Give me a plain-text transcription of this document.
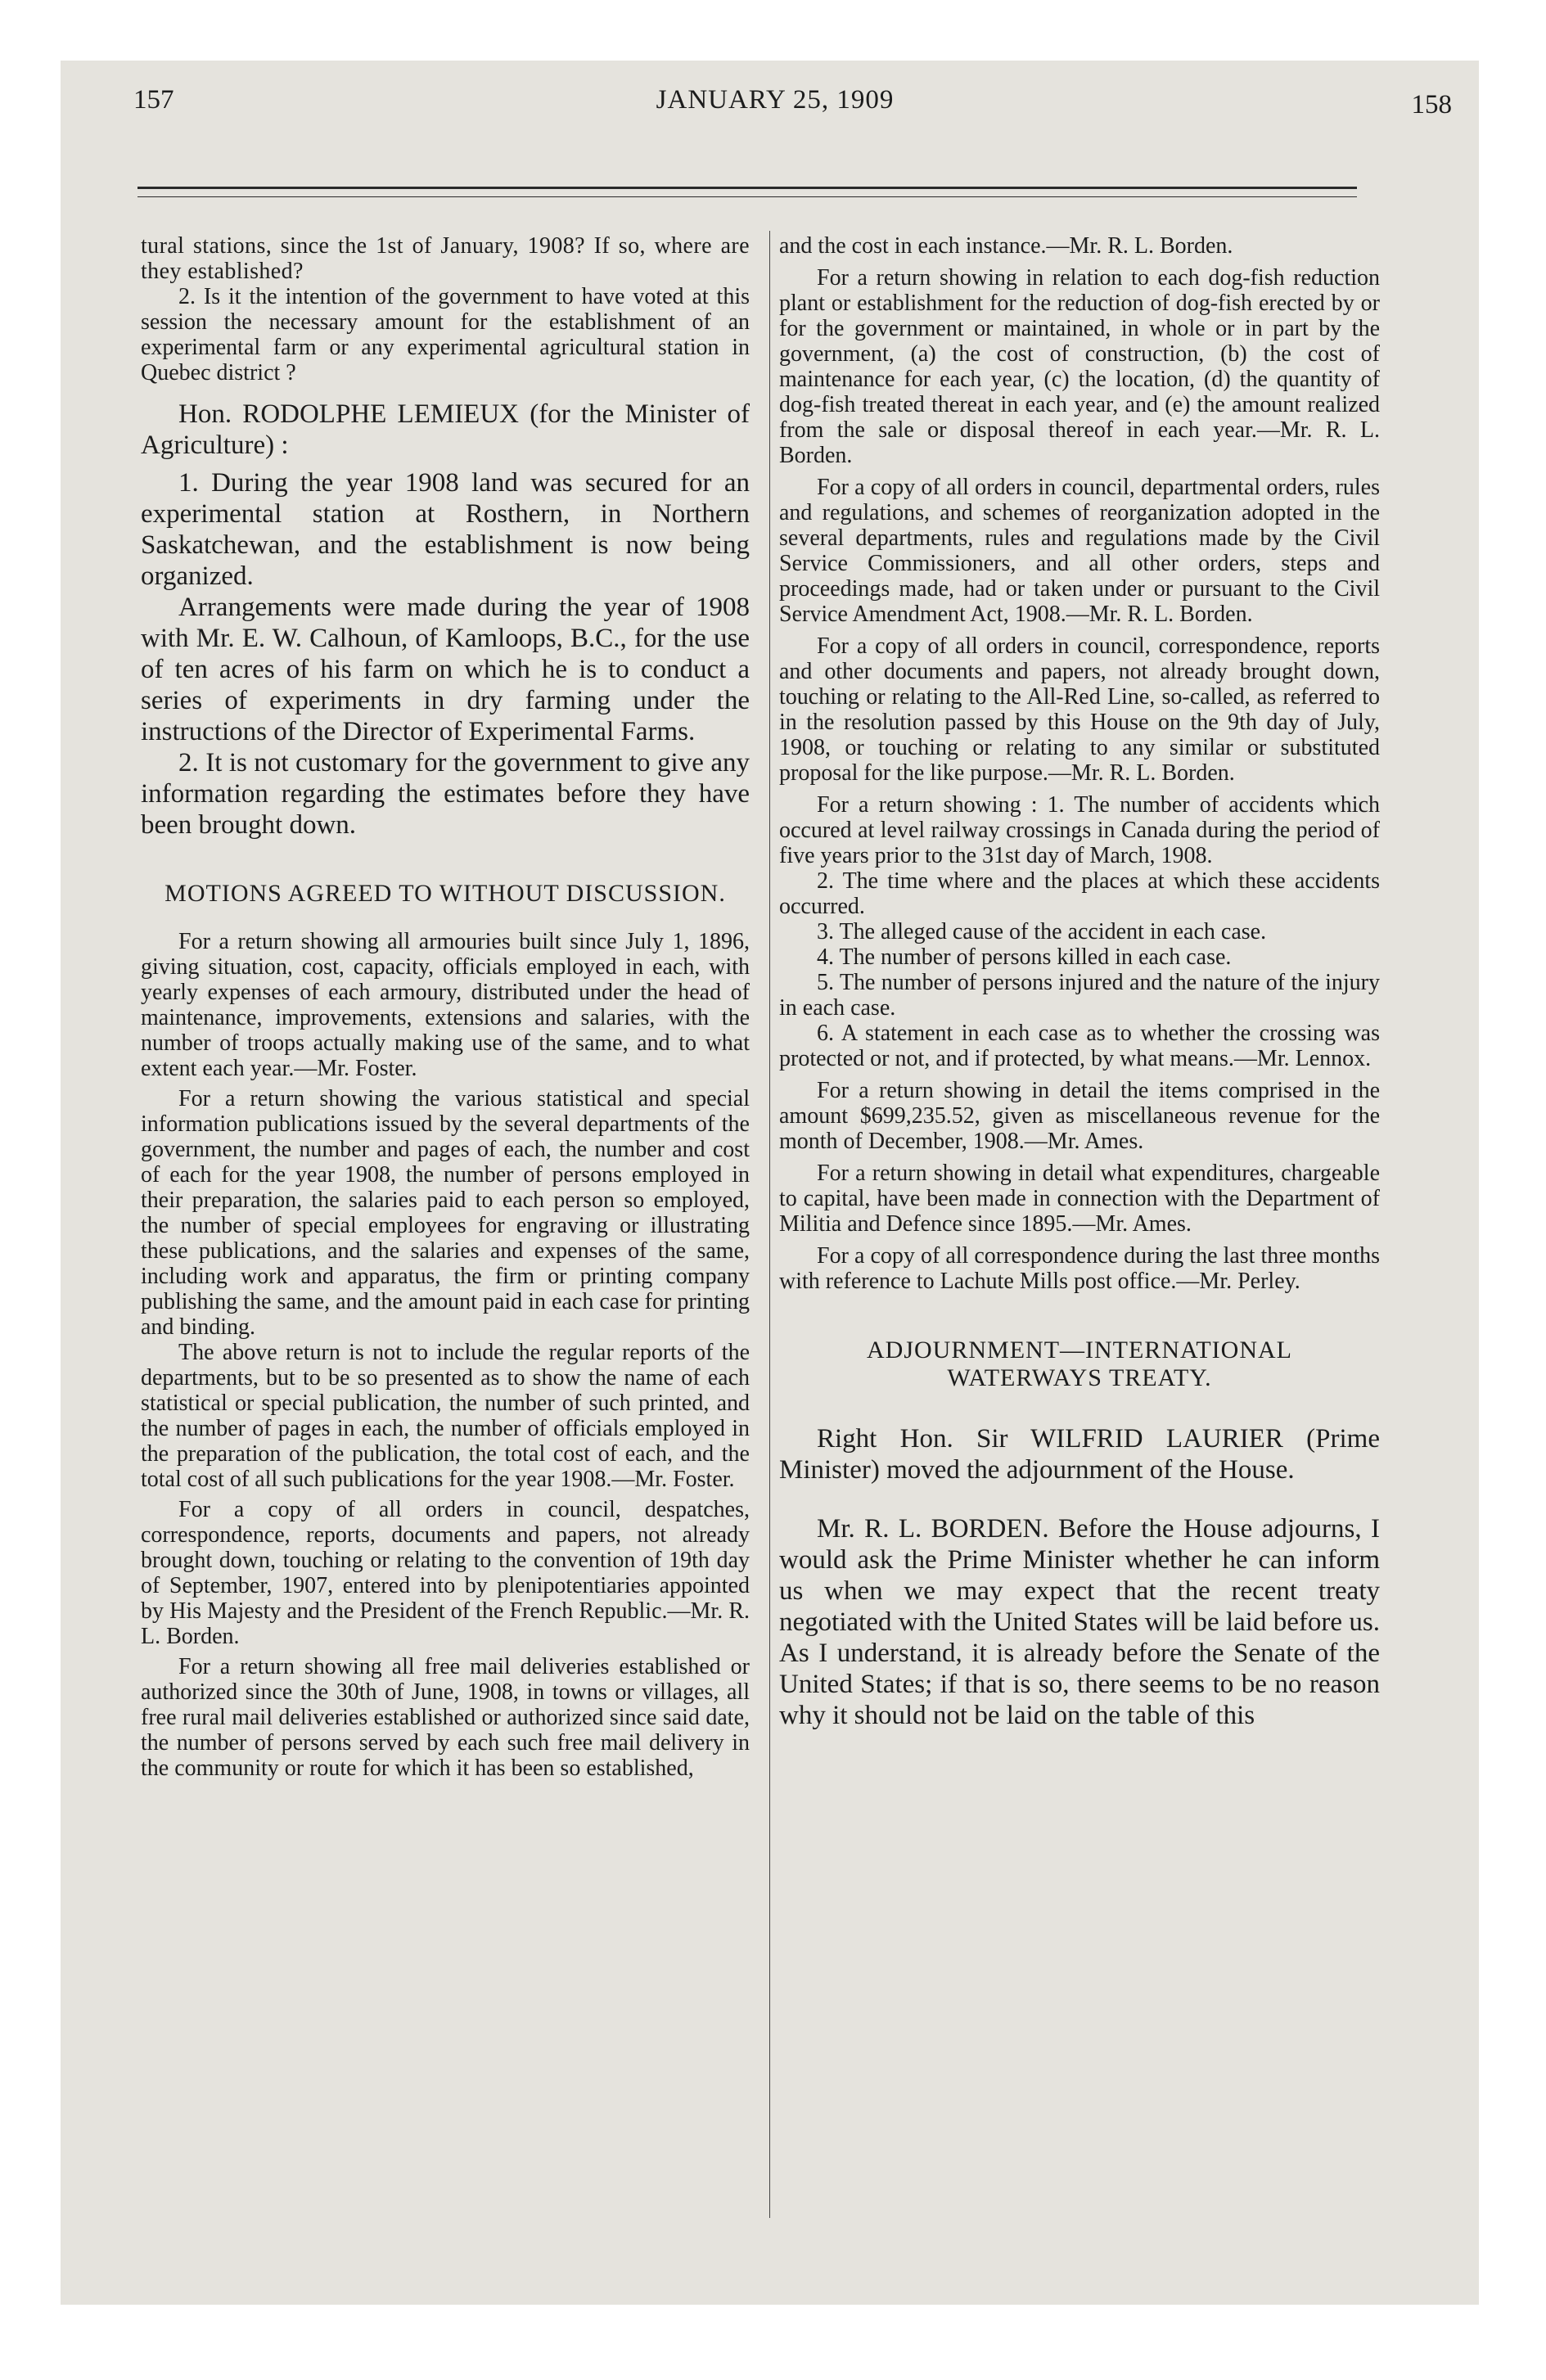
157	JANUARY 25, 1909	158

tural stations, since the 1st of January, 1908? If so, where are they established?

2. Is it the intention of the government to have voted at this session the necessary amount for the establishment of an experimental farm or any experimental agricultural station in Quebec district ?

Hon. RODOLPHE LEMIEUX (for the Minister of Agriculture) :

1. During the year 1908 land was secured for an experimental station at Rosthern, in Northern Saskatchewan, and the establishment is now being organized.

Arrangements were made during the year of 1908 with Mr. E. W. Calhoun, of Kamloops, B.C., for the use of ten acres of his farm on which he is to conduct a series of experiments in dry farming under the instructions of the Director of Experimental Farms.

2. It is not customary for the government to give any information regarding the estimates before they have been brought down.

MOTIONS AGREED TO WITHOUT DISCUSSION.

For a return showing all armouries built since July 1, 1896, giving situation, cost, capacity, officials employed in each, with yearly expenses of each armoury, distributed under the head of maintenance, improvements, extensions and salaries, with the number of troops actually making use of the same, and to what extent each year.—Mr. Foster.

For a return showing the various statistical and special information publications issued by the several departments of the government, the number and pages of each, the number and cost of each for the year 1908, the number of persons employed in their preparation, the salaries paid to each person so employed, the number of special employees for engraving or illustrating these publications, and the salaries and expenses of the same, including work and apparatus, the firm or printing company publishing the same, and the amount paid in each case for printing and binding.

The above return is not to include the regular reports of the departments, but to be so presented as to show the name of each statistical or special publication, the number of such printed, and the number of pages in each, the number of officials employed in the preparation of the publication, the total cost of each, and the total cost of all such publications for the year 1908.—Mr. Foster.

For a copy of all orders in council, despatches, correspondence, reports, documents and papers, not already brought down, touching or relating to the convention of 19th day of September, 1907, entered into by plenipotentiaries appointed by His Majesty and the President of the French Republic.—Mr. R. L. Borden.

For a return showing all free mail deliveries established or authorized since the 30th of June, 1908, in towns or villages, all free rural mail deliveries established or authorized since said date, the number of persons served by each such free mail delivery in the community or route for which it has been so established,

and the cost in each instance.—Mr. R. L. Borden.

For a return showing in relation to each dog-fish reduction plant or establishment for the reduction of dog-fish erected by or for the government or maintained, in whole or in part by the government, (a) the cost of construction, (b) the cost of maintenance for each year, (c) the location, (d) the quantity of dog-fish treated thereat in each year, and (e) the amount realized from the sale or disposal thereof in each year.—Mr. R. L. Borden.

For a copy of all orders in council, departmental orders, rules and regulations, and schemes of reorganization adopted in the several departments, rules and regulations made by the Civil Service Commissioners, and all other orders, steps and proceedings made, had or taken under or pursuant to the Civil Service Amendment Act, 1908.—Mr. R. L. Borden.

For a copy of all orders in council, correspondence, reports and other documents and papers, not already brought down, touching or relating to the All-Red Line, so-called, as referred to in the resolution passed by this House on the 9th day of July, 1908, or touching or relating to any similar or substituted proposal for the like purpose.—Mr. R. L. Borden.

For a return showing : 1. The number of accidents which occured at level railway crossings in Canada during the period of five years prior to the 31st day of March, 1908.

2. The time where and the places at which these accidents occurred.

3. The alleged cause of the accident in each case.

4. The number of persons killed in each case.

5. The number of persons injured and the nature of the injury in each case.

6. A statement in each case as to whether the crossing was protected or not, and if protected, by what means.—Mr. Lennox.

For a return showing in detail the items comprised in the amount $699,235.52, given as miscellaneous revenue for the month of December, 1908.—Mr. Ames.

For a return showing in detail what expenditures, chargeable to capital, have been made in connection with the Department of Militia and Defence since 1895.—Mr. Ames.

For a copy of all correspondence during the last three months with reference to Lachute Mills post office.—Mr. Perley.

ADJOURNMENT—INTERNATIONAL WATERWAYS TREATY.

Right Hon. Sir WILFRID LAURIER (Prime Minister) moved the adjournment of the House.

Mr. R. L. BORDEN. Before the House adjourns, I would ask the Prime Minister whether he can inform us when we may expect that the recent treaty negotiated with the United States will be laid before us. As I understand, it is already before the Senate of the United States; if that is so, there seems to be no reason why it should not be laid on the table of this
